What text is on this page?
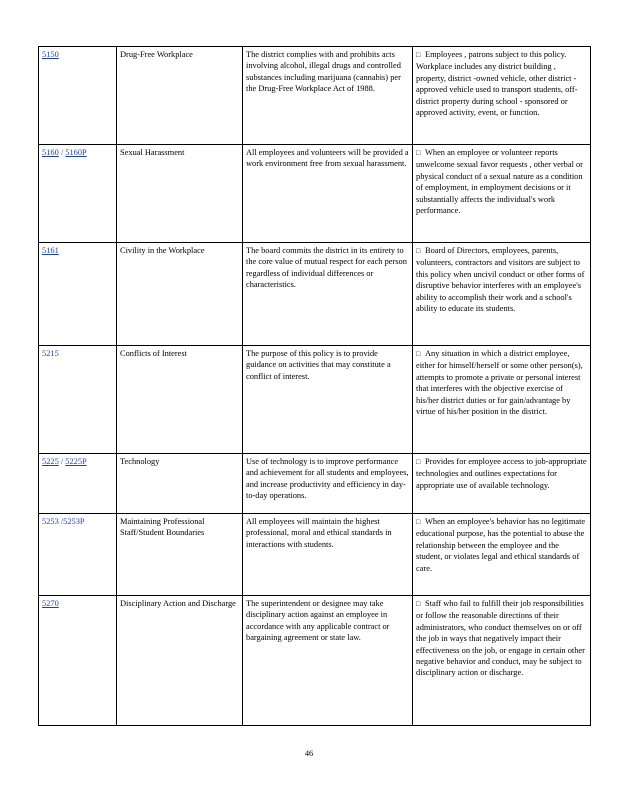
5150	Drug-Free Workplace	The district complies with and prohibits acts involving alcohol, illegal drugs and controlled substances including marijuana (cannabis) per the Drug-Free Workplace Act of 1988.	□ Employees , patrons subject to this policy. Workplace includes any district building , property, district -owned vehicle, other district -approved vehicle used to transport students, off- district property during school - sponsored or approved activity, event, or function.
5160 / 5160P	Sexual Harassment	All employees and volunteers will be provided a work environment free from sexual harassment.	□ When an employee or volunteer reports unwelcome sexual favor requests , other verbal or physical conduct of a sexual nature as a condition of employment, in employment decisions or it substantially affects the individual's work performance.
5161	Civility in the Workplace	The board commits the district in its entirety to the core value of mutual respect for each person regardless of individual differences or characteristics.	□ Board of Directors, employees, parents, volunteers, contractors and visitors are subject to this policy when uncivil conduct or other forms of disruptive behavior interferes with an employee's ability to accomplish their work and a school's ability to educate its students.
5215	Conflicts of Interest	The purpose of this policy is to provide guidance on activities that may constitute a conflict of interest.	□ Any situation in which a district employee, either for himself/herself or some other person(s), attempts to promote a private or personal interest that interferes with the objective exercise of his/her district duties or for gain/advantage by virtue of his/her position in the district.
5225 / 5225P	Technology	Use of technology is to improve performance and achievement for all students and employees, and increase productivity and efficiency in day-to-day operations.	□ Provides for employee access to job-appropriate technologies and outlines expectations for appropriate use of available technology.
5253 /5253P	Maintaining Professional Staff/Student Boundaries	All employees will maintain the highest professional, moral and ethical standards in interactions with students.	□ When an employee's behavior has no legitimate educational purpose, has the potential to abuse the relationship between the employee and the student, or violates legal and ethical standards of care.
5270	Disciplinary Action and Discharge	The superintendent or designee may take disciplinary action against an employee in accordance with any applicable contract or bargaining agreement or state law.	□ Staff who fail to fulfill their job responsibilities or follow the reasonable directions of their administrators, who conduct themselves on or off the job in ways that negatively impact their effectiveness on the job, or engage in certain other negative behavior and conduct, may be subject to disciplinary action or discharge.
46
